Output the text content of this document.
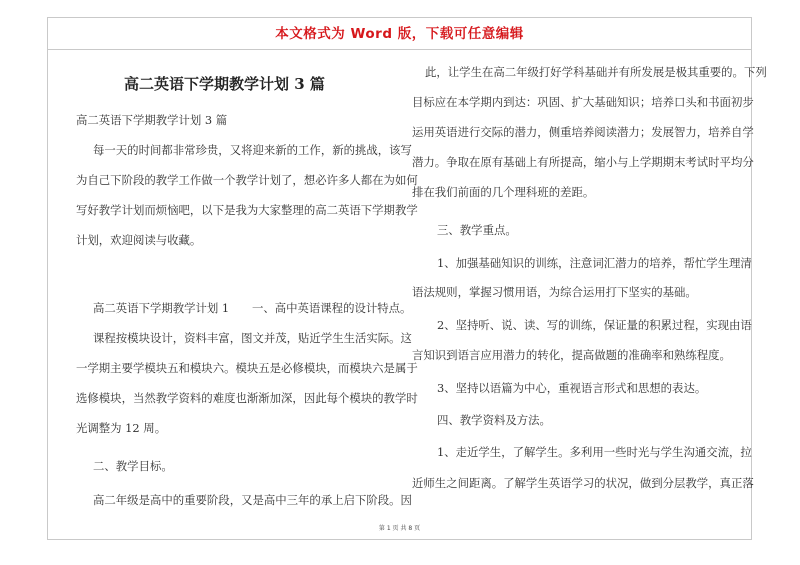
本文格式为 Word 版，下载可任意编辑
高二英语下学期教学计划 3 篇
高二英语下学期教学计划 3 篇
每一天的时间都非常珍贵，又将迎来新的工作，新的挑战，该写
为自己下阶段的教学工作做一个教学计划了，想必许多人都在为如何
写好教学计划而烦恼吧，以下是我为大家整理的高二英语下学期教学
计划，欢迎阅读与收藏。
高二英语下学期教学计划 1　　一、高中英语课程的设计特点。
课程按模块设计，资料丰富，图文并茂，贴近学生生活实际。这
一学期主要学模块五和模块六。模块五是必修模块，而模块六是属于
选修模块，当然教学资料的难度也渐渐加深，因此每个模块的教学时
光调整为 12 周。
二、教学目标。
高二年级是高中的重要阶段，又是高中三年的承上启下阶段。因
此，让学生在高二年级打好学科基础并有所发展是极其重要的。下列
目标应在本学期内到达：巩固、扩大基础知识；培养口头和书面初步
运用英语进行交际的潜力，侧重培养阅读潜力；发展智力，培养自学
潜力。争取在原有基础上有所提高，缩小与上学期期末考试时平均分
排在我们前面的几个理科班的差距。
三、教学重点。
1、加强基础知识的训练，注意词汇潜力的培养，帮忙学生理清
语法规则，掌握习惯用语，为综合运用打下坚实的基础。
2、坚持听、说、读、写的训练，保证量的积累过程，实现由语
言知识到语言应用潜力的转化，提高做题的准确率和熟练程度。
3、坚持以语篇为中心，重视语言形式和思想的表达。
四、教学资料及方法。
1、走近学生，了解学生。多利用一些时光与学生沟通交流，拉
近师生之间距离。了解学生英语学习的状况，做到分层教学，真正落
第 1 页 共 8 页
